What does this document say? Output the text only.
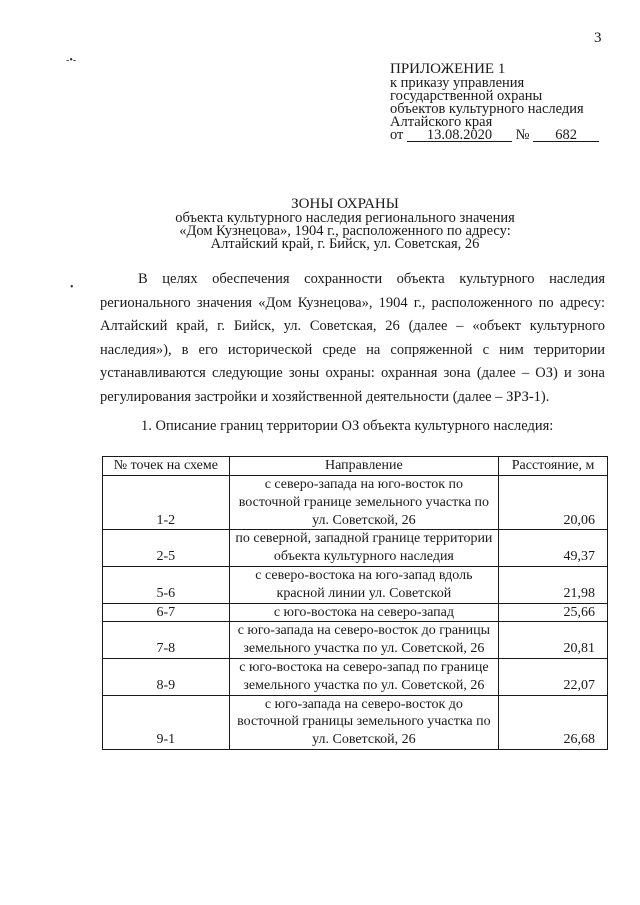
3
-•-
•
ПРИЛОЖЕНИЕ 1
к приказу управления
государственной охраны
объектов культурного наследия
Алтайского края
от 13.08.2020 № 682
ЗОНЫ ОХРАНЫ
объекта культурного наследия регионального значения
«Дом Кузнецова», 1904 г., расположенного по адресу:
Алтайский край, г. Бийск, ул. Советская, 26
В целях обеспечения сохранности объекта культурного наследия регионального значения «Дом Кузнецова», 1904 г., расположенного по адресу: Алтайский край, г. Бийск, ул. Советская, 26 (далее – «объект культурного наследия»), в его исторической среде на сопряженной с ним территории устанавливаются следующие зоны охраны: охранная зона (далее – ОЗ) и зона регулирования застройки и хозяйственной деятельности (далее – ЗРЗ-1).
1. Описание границ территории ОЗ объекта культурного наследия:
№ точек на схеме	Направление	Расстояние, м
1-2	с северо-запада на юго-восток по восточной границе земельного участка по ул. Советской, 26	20,06
2-5	по северной, западной границе территории объекта культурного наследия	49,37
5-6	с северо-востока на юго-запад вдоль красной линии ул. Советской	21,98
6-7	с юго-востока на северо-запад	25,66
7-8	с юго-запада на северо-восток до границы земельного участка по ул. Советской, 26	20,81
8-9	с юго-востока на северо-запад по границе земельного участка по ул. Советской, 26	22,07
9-1	с юго-запада на северо-восток до восточной границы земельного участка по ул. Советской, 26	26,68
